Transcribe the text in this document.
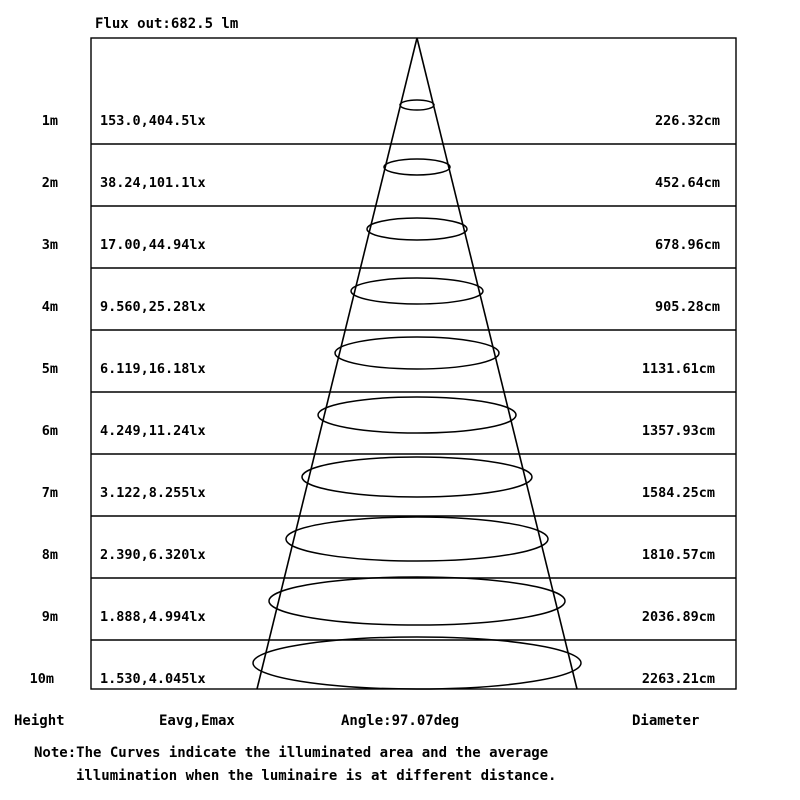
Flux out:682.5 lm
1m	153.0,404.5lx	226.32cm
2m	38.24,101.1lx	452.64cm
3m	17.00,44.94lx	678.96cm
4m	9.560,25.28lx	905.28cm
5m	6.119,16.18lx	1131.61cm
6m	4.249,11.24lx	1357.93cm
7m	3.122,8.255lx	1584.25cm
8m	2.390,6.320lx	1810.57cm
9m	1.888,4.994lx	2036.89cm
10m	1.530,4.045lx	2263.21cm
Height	Eavg,Emax	Angle:97.07deg	Diameter
Note:The Curves indicate the illuminated area and the average
illumination when the luminaire is at different distance.
